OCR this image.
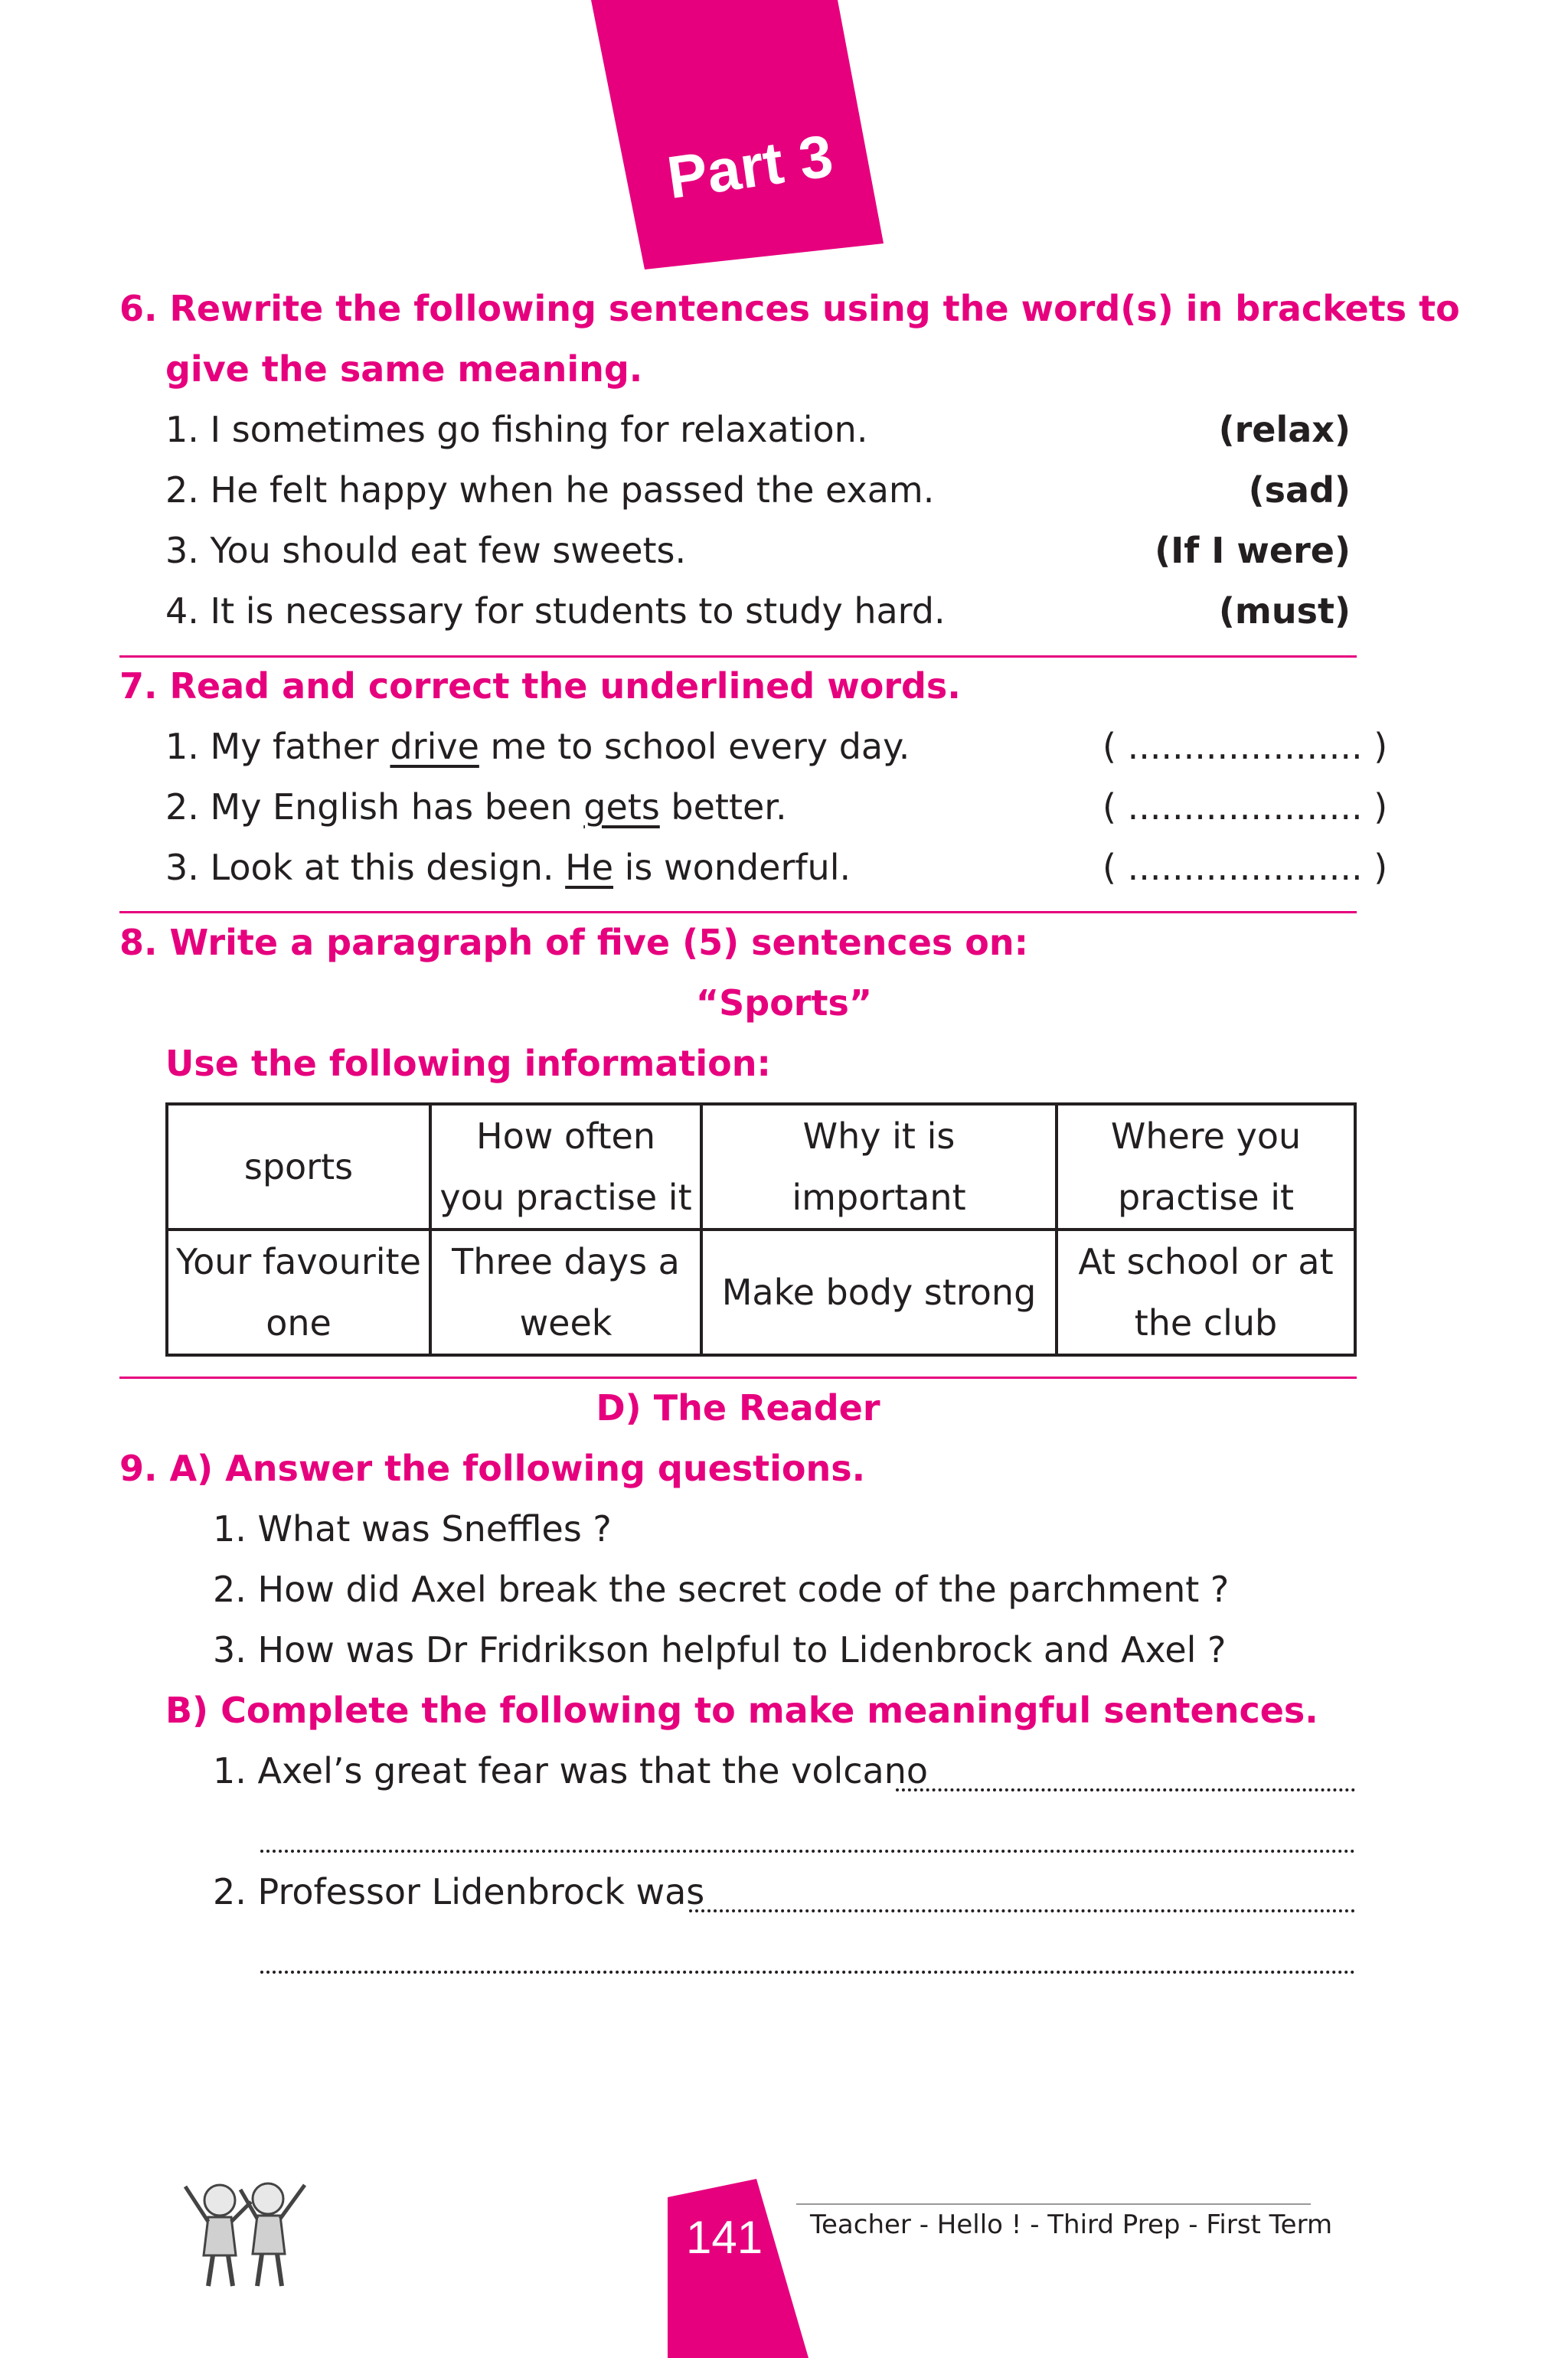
Part 3
6. Rewrite the following sentences using the word(s) in brackets to
give the same meaning.
1. I sometimes go fishing for relaxation.	(relax)
2. He felt happy when he passed the exam.	(sad)
3. You should eat few sweets.	(If I were)
4. It is necessary for students to study hard.	(must)
7. Read and correct the underlined words.
1. My father drive me to school every day.	( ..................... )
2. My English has been gets better.	( ..................... )
3. Look at this design. He is wonderful.	( ..................... )
8. Write a paragraph of five (5) sentences on:
“Sports”
Use the following information:
sports	How often you practise it	Why it is important	Where you practise it
Your favourite one	Three days a week	Make body strong	At school or at the club
D) The Reader
9. A) Answer the following questions.
1. What was Sneffles ?
2. How did Axel break the secret code of the parchment ?
3. How was Dr Fridrikson helpful to Lidenbrock and Axel ?
B) Complete the following to make meaningful sentences.
1. Axel’s great fear was that the volcano
2. Professor Lidenbrock was
141 Teacher - Hello ! - Third Prep - First Term
